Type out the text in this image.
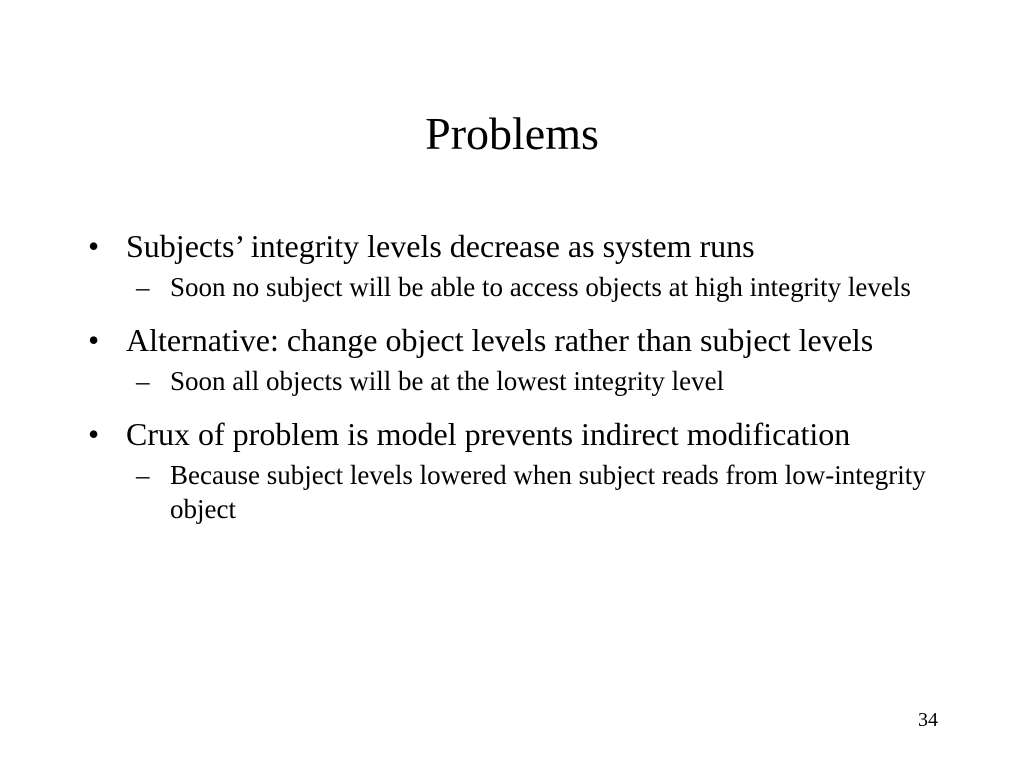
Problems
• Subjects’ integrity levels decrease as system runs
– Soon no subject will be able to access objects at high integrity levels
• Alternative: change object levels rather than subject levels
– Soon all objects will be at the lowest integrity level
• Crux of problem is model prevents indirect modification
– Because subject levels lowered when subject reads from low-integrity object
34
